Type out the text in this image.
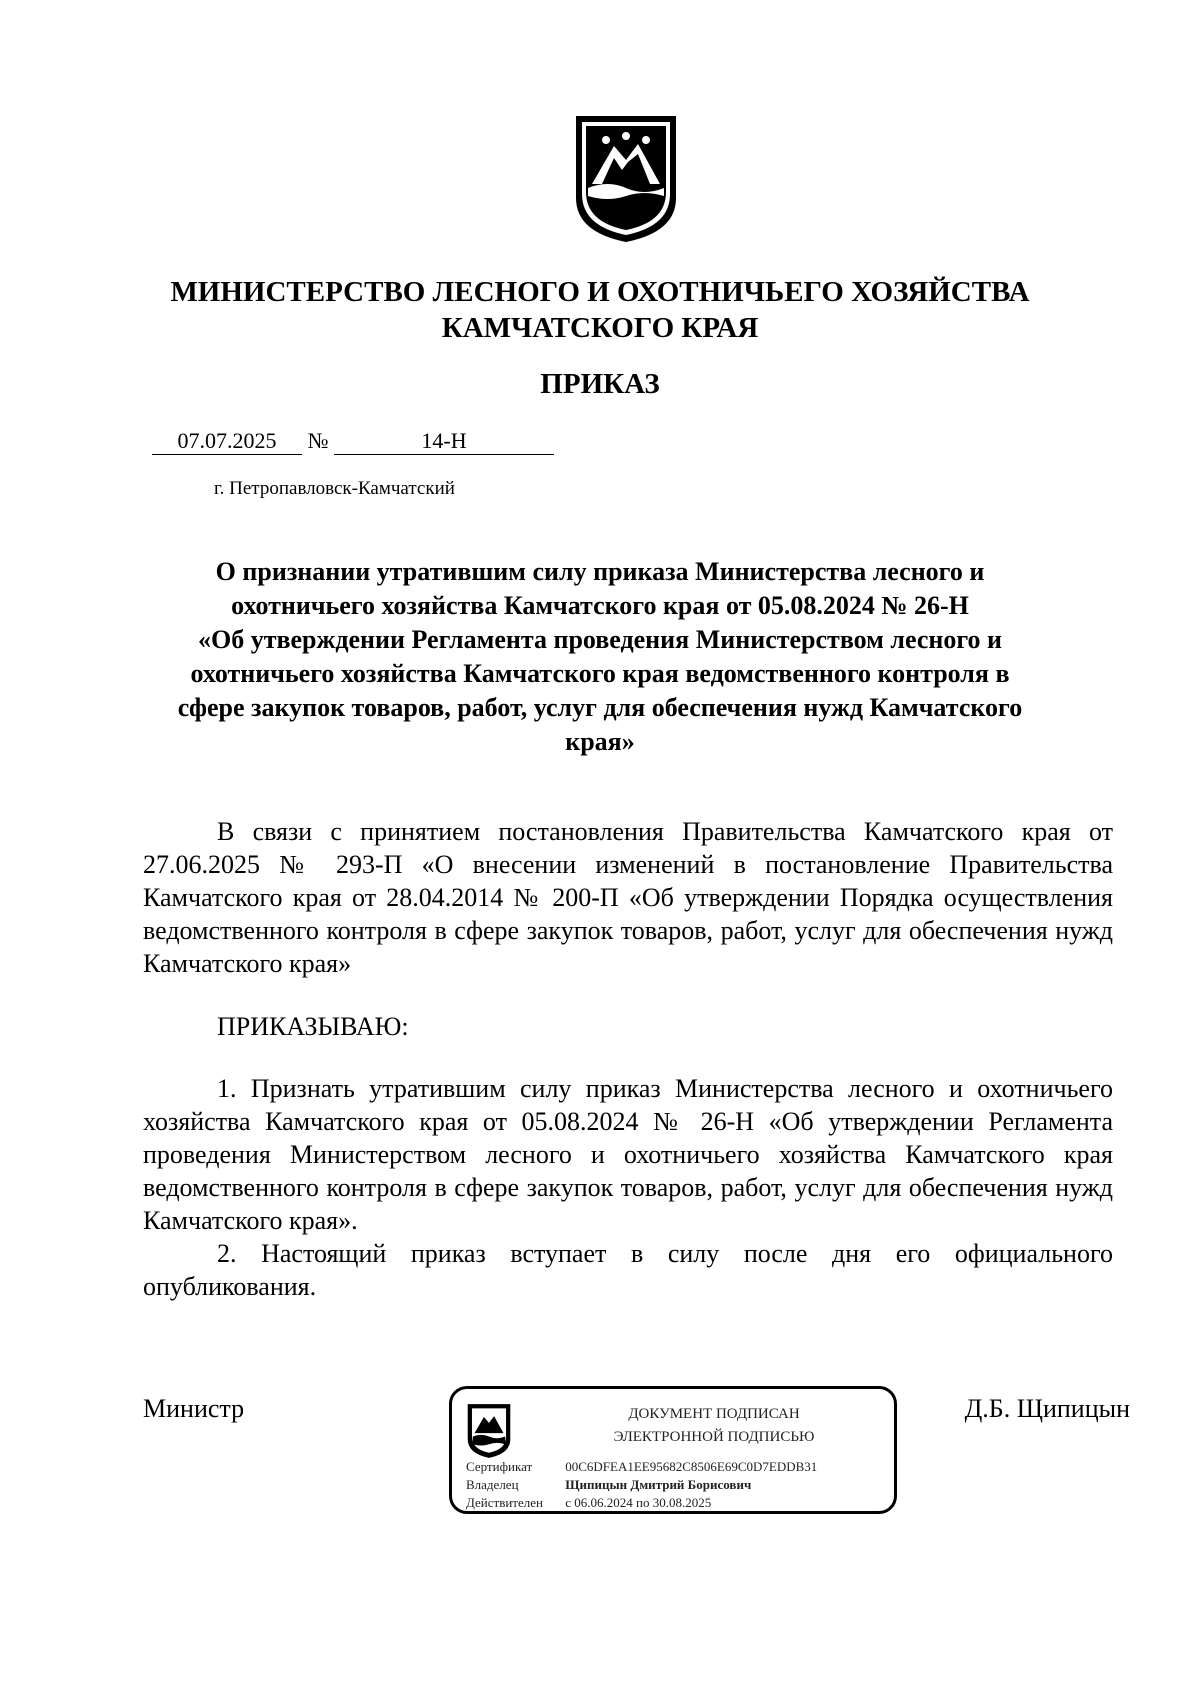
МИНИСТЕРСТВО ЛЕСНОГО И ОХОТНИЧЬЕГО ХОЗЯЙСТВА
КАМЧАТСКОГО КРАЯ
ПРИКАЗ
07.07.2025 №	14-Н
г. Петропавловск-Камчатский
О признании утратившим силу приказа Министерства лесного и
охотничьего хозяйства Камчатского края от 05.08.2024 № 26-Н
«Об утверждении Регламента проведения Министерством лесного и
охотничьего хозяйства Камчатского края ведомственного контроля в
сфере закупок товаров, работ, услуг для обеспечения нужд Камчатского
края»
В связи с принятием постановления Правительства Камчатского края от 27.06.2025 № 293-П «О внесении изменений в постановление Правительства Камчатского края от 28.04.2014 № 200-П «Об утверждении Порядка осуществления ведомственного контроля в сфере закупок товаров, работ, услуг для обеспечения нужд Камчатского края»
ПРИКАЗЫВАЮ:
1. Признать утратившим силу приказ Министерства лесного и охотничьего хозяйства Камчатского края от 05.08.2024 № 26-Н «Об утверждении Регламента проведения Министерством лесного и охотничьего хозяйства Камчатского края ведомственного контроля в сфере закупок товаров, работ, услуг для обеспечения нужд Камчатского края».
2. Настоящий приказ вступает в силу после дня его официального опубликования.
Министр	Д.Б. Щипицын
ДОКУМЕНТ ПОДПИСАН
ЭЛЕКТРОННОЙ ПОДПИСЬЮ
Сертификат	00C6DFEA1EE95682C8506E69C0D7EDDB31
Владелец	Щипицын Дмитрий Борисович
Действителен с 06.06.2024 по 30.08.2025
